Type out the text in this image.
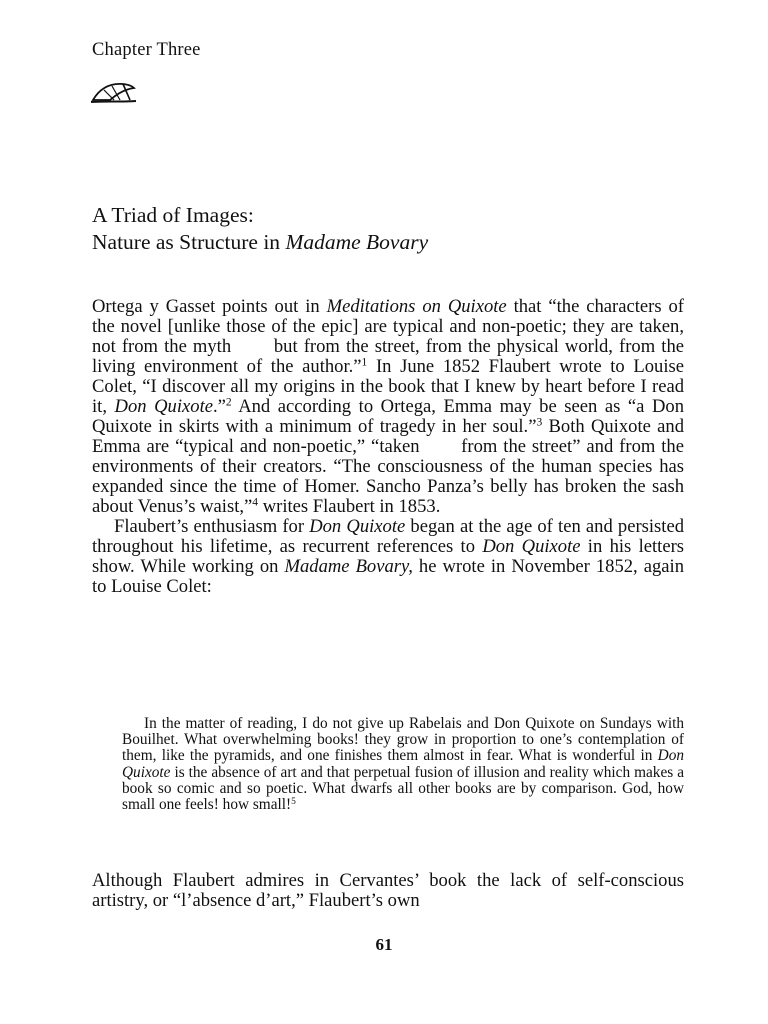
Chapter Three
A Triad of Images:
Nature as Structure in Madame Bovary

Ortega y Gasset points out in Meditations on Quixote that “the characters of the novel [unlike those of the epic] are typical and non-poetic; they are taken, not from the myth       but from the street, from the physical world, from the living environment of the author.”$^1$ In June 1852 Flaubert wrote to Louise Colet, “I discover all my origins in the book that I knew by heart before I read it, Don Quixote.”$^2$ And according to Ortega, Emma may be seen as “a Don Quixote in skirts with a minimum of tragedy in her soul.”$^3$ Both Quixote and Emma are “typical and non-poetic,” “taken       from the street” and from the environments of their creators. “The consciousness of the human species has expanded since the time of Homer. Sancho Panza’s belly has broken the sash about Venus’s waist,”$^4$ writes Flaubert in 1853.

Flaubert’s enthusiasm for Don Quixote began at the age of ten and persisted throughout his lifetime, as recurrent references to Don Quixote in his letters show. While working on Madame Bovary, he wrote in November 1852, again to Louise Colet:

In the matter of reading, I do not give up Rabelais and Don Quixote on Sundays with Bouilhet. What overwhelming books! they grow in proportion to one’s contemplation of them, like the pyramids, and one finishes them almost in fear. What is wonderful in Don Quixote is the absence of art and that perpetual fusion of illusion and reality which makes a book so comic and so poetic. What dwarfs all other books are by comparison. God, how small one feels! how small!$^5$

Although Flaubert admires in Cervantes’ book the lack of self-conscious artistry, or “l’absence d’art,” Flaubert’s own

61
